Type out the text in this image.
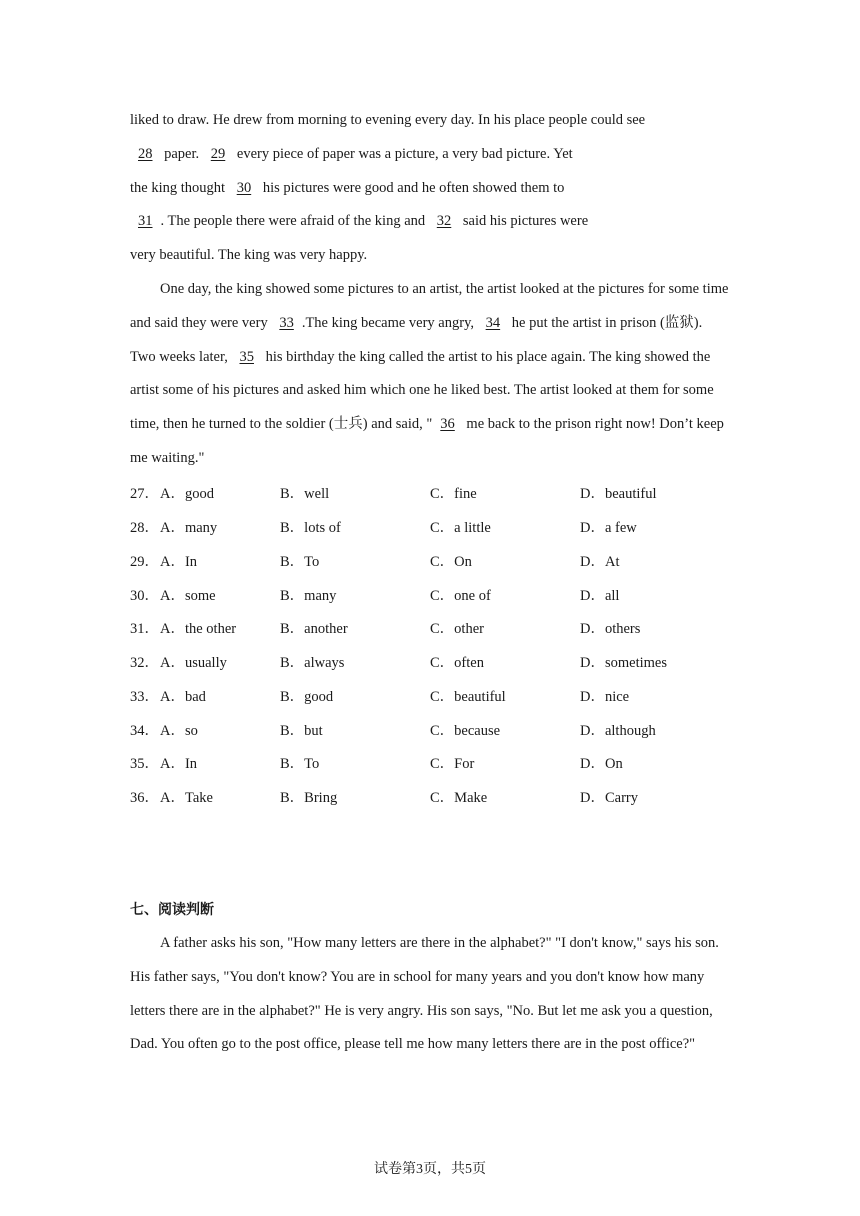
liked to draw. He drew from morning to evening every day. In his place people could see

28 paper. 29 every piece of paper was a picture, a very bad picture. Yet

the king thought 30 his pictures were good and he often showed them to

31 . The people there were afraid of the king and 32 said his pictures were

very beautiful. The king was very happy.

One day, the king showed some pictures to an artist, the artist looked at the pictures for some time and said they were very 33 .The king became very angry, 34 he put the artist in prison (监狱). Two weeks later, 35 his birthday the king called the artist to his place again. The king showed the artist some of his pictures and asked him which one he liked best. The artist looked at them for some time, then he turned to the soldier (士兵) and said, " 36 me back to the prison right now! Don’t keep me waiting."

27． A．good	B．well	C．fine	D．beautiful
28． A．many	B．lots of	C．a little	D．a few
29． A．In	B．To	C．On	D．At
30． A．some	B．many	C．one of	D．all
31． A．the other	B．another	C．other	D．others
32． A．usually	B．always	C．often	D．sometimes
33． A．bad	B．good	C．beautiful	D．nice
34． A．so	B．but	C．because	D．although
35． A．In	B．To	C．For	D．On
36． A．Take	B．Bring	C．Make	D．Carry
七、阅读判断

A father asks his son, "How many letters are there in the alphabet?" "I don't know," says his son. His father says, "You don't know? You are in school for many years and you don't know how many letters there are in the alphabet?" He is very angry. His son says, "No. But let me ask you a question, Dad. You often go to the post office, please tell me how many letters there are in the post office?"

试卷第3页，共5页
